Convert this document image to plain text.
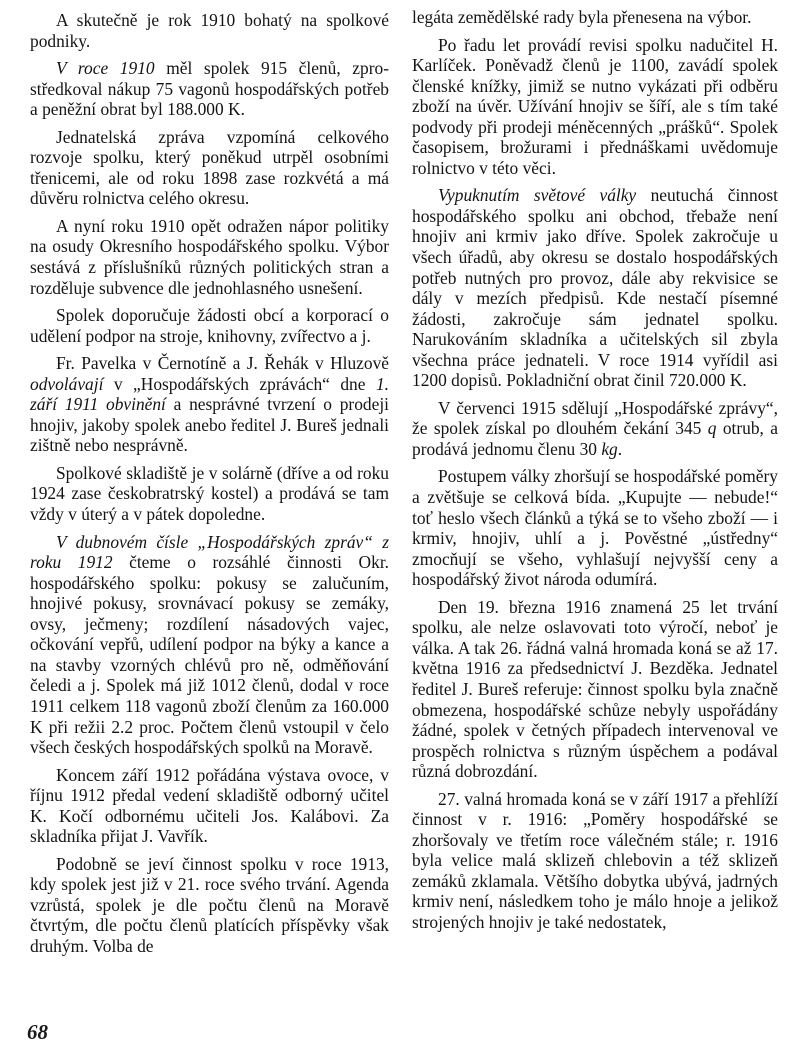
A skutečně je rok 1910 bohatý na spolkové podniky.

V roce 1910 měl spolek 915 členů, zprostředkoval nákup 75 vagonů hospodářských potřeb a peněžní obrat byl 188.000 K.

Jednatelská zpráva vzpomíná celkového rozvoje spolku, který poněkud utrpěl osobními třenicemi, ale od roku 1898 zase rozkvétá a má důvěru rolnictva celého okresu.

A nyní roku 1910 opět odražen nápor politiky na osudy Okresního hospodářského spolku. Výbor sestává z příslušníků různých politických stran a rozděluje subvence dle jednohlasného usnešení.

Spolek doporučuje žádosti obcí a korporací o udělení podpor na stroje, knihovny, zvířectvo a j.

Fr. Pavelka v Černotíně a J. Řehák v Hluzově odvolávají v „Hospodářských zprávách“ dne 1. září 1911 obvinění a nesprávné tvrzení o prodeji hnojiv, jakoby spolek anebo ředitel J. Bureš jednali zištně nebo nesprávně.

Spolkové skladiště je v solárně (dříve a od roku 1924 zase českobratrský kostel) a prodává se tam vždy v úterý a v pátek dopoledne.

V dubnovém čísle „Hospodářských zpráv“ z roku 1912 čteme o rozsáhlé činnosti Okr. hospodářského spolku: pokusy se zalučuním, hnojivé pokusy, srovnávací pokusy se zemáky, ovsy, ječmeny; rozdílení násadových vajec, očkování vepřů, udílení podpor na býky a kance a na stavby vzorných chlévů pro ně, odměňování čeledi a j. Spolek má již 1012 členů, dodal v roce 1911 celkem 118 vagonů zboží členům za 160.000 K při režii 2.2 proc. Počtem členů vstoupil v čelo všech českých hospodářských spolků na Moravě.

Koncem září 1912 pořádána výstava ovoce, v říjnu 1912 předal vedení skladiště odborný učitel K. Kočí odbornému učiteli Jos. Kalábovi. Za skladníka přijat J. Vavřík.

Podobně se jeví činnost spolku v roce 1913, kdy spolek jest již v 21. roce svého trvání. Agenda vzrůstá, spolek je dle počtu členů na Moravě čtvrtým, dle počtu členů platících příspěvky však druhým. Volba de

legáta zemědělské rady byla přenesena na výbor.

Po řadu let provádí revisi spolku nadučitel H. Karlíček. Poněvadž členů je 1100, zavádí spolek členské knížky, jimiž se nutno vykázati při odběru zboží na úvěr. Užívání hnojiv se šíří, ale s tím také podvody při prodeji méněcenných „prášků“. Spolek časopisem, brožurami i přednáškami uvědomuje rolnictvo v této věci.

Vypuknutím světové války neutuchá činnost hospodářského spolku ani obchod, třebaže není hnojiv ani krmiv jako dříve. Spolek zakročuje u všech úřadů, aby okresu se dostalo hospodářských potřeb nutných pro provoz, dále aby rekvisice se dály v mezích předpisů. Kde nestačí písemné žádosti, zakročuje sám jednatel spolku. Narukováním skladníka a učitelských sil zbyla všechna práce jednateli. V roce 1914 vyřídil asi 1200 dopisů. Pokladniční obrat činil 720.000 K.

V červenci 1915 sdělují „Hospodářské zprávy“, že spolek získal po dlouhém čekání 345 q otrub, a prodává jednomu členu 30 kg.

Postupem války zhoršují se hospodářské poměry a zvětšuje se celková bída. „Kupujte — nebude!“ toť heslo všech článků a týká se to všeho zboží — i krmiv, hnojiv, uhlí a j. Pověstné „ústředny“ zmocňují se všeho, vyhlašují nejvyšší ceny a hospodářský život národa odumírá.

Den 19. března 1916 znamená 25 let trvání spolku, ale nelze oslavovati toto výročí, neboť je válka. A tak 26. řádná valná hromada koná se až 17. května 1916 za předsednictví J. Bezděka. Jednatel ředitel J. Bureš referuje: činnost spolku byla značně obmezena, hospodářské schůze nebyly uspořádány žádné, spolek v četných případech intervenoval ve prospěch rolnictva s různým úspěchem a podával různá dobrozdání.

27. valná hromada koná se v září 1917 a přehlíží činnost v r. 1916: „Poměry hospodářské se zhoršovaly ve třetím roce válečném stále; r. 1916 byla velice malá sklizeň chlebovin a též sklizeň zemáků zklamala. Většího dobytka ubývá, jadrných krmiv není, následkem toho je málo hnoje a jelikož strojených hnojiv je také nedostatek,

68
